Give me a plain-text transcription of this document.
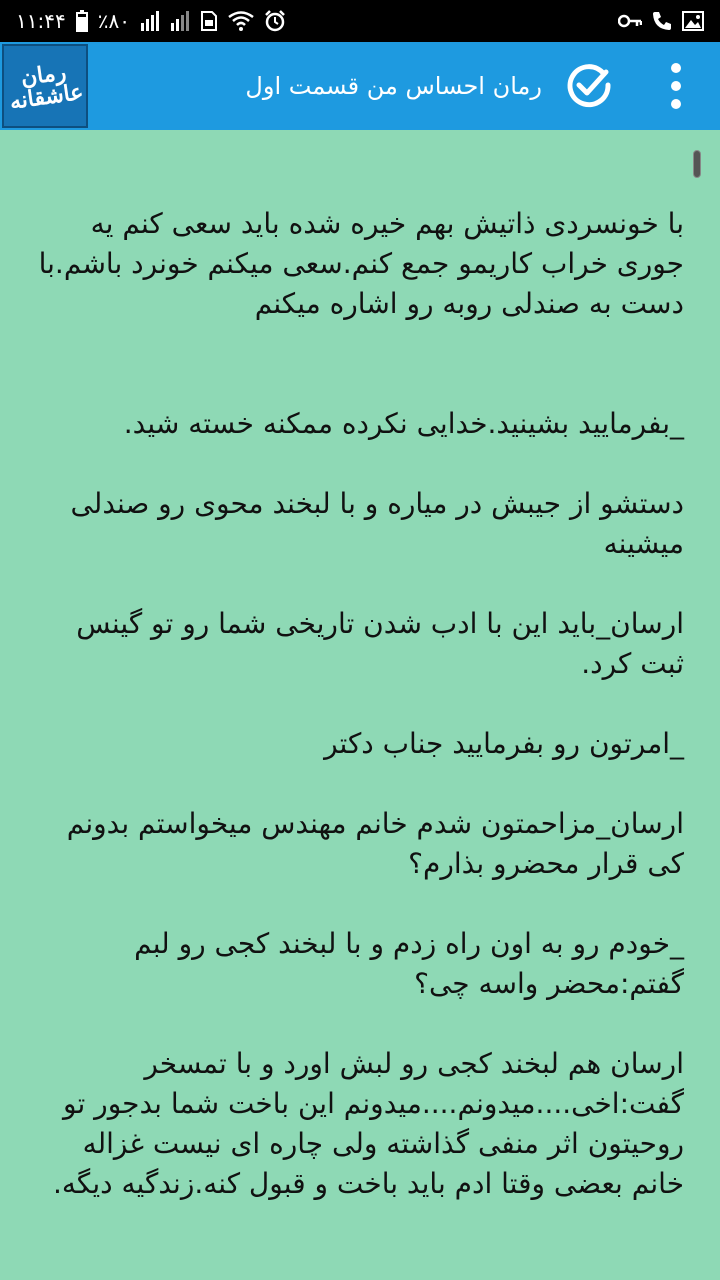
۱۱:۴۴ ٪۸۰
رمان عاشقانه	رمان احساس من قسمت اول

با خونسردی ذاتیش بهم خیره شده باید سعی کنم یه جوری خراب کاریمو جمع کنم.سعی میکنم خونرد باشم.با دست به صندلی روبه رو اشاره میکنم

_بفرمایید بشینید.خدایی نکرده ممکنه خسته شید.

دستشو از جیبش در میاره و با لبخند محوی رو صندلی میشینه

ارسان_باید این با ادب شدن تاریخی شما رو تو گینس ثبت کرد.

_امرتون رو بفرمایید جناب دکتر

ارسان_مزاحمتون شدم خانم مهندس میخواستم بدونم کی قرار محضرو بذارم؟

_خودم رو به اون راه زدم و با لبخند کجی رو لبم گفتم:محضر واسه چی؟

ارسان هم لبخند کجی رو لبش اورد و با تمسخر گفت:اخی....میدونم....میدونم این باخت شما بدجور تو روحیتون اثر منفی گذاشته ولی چاره ای نیست غزاله خانم بعضی وقتا ادم باید باخت و قبول کنه.زندگیه دیگه.
